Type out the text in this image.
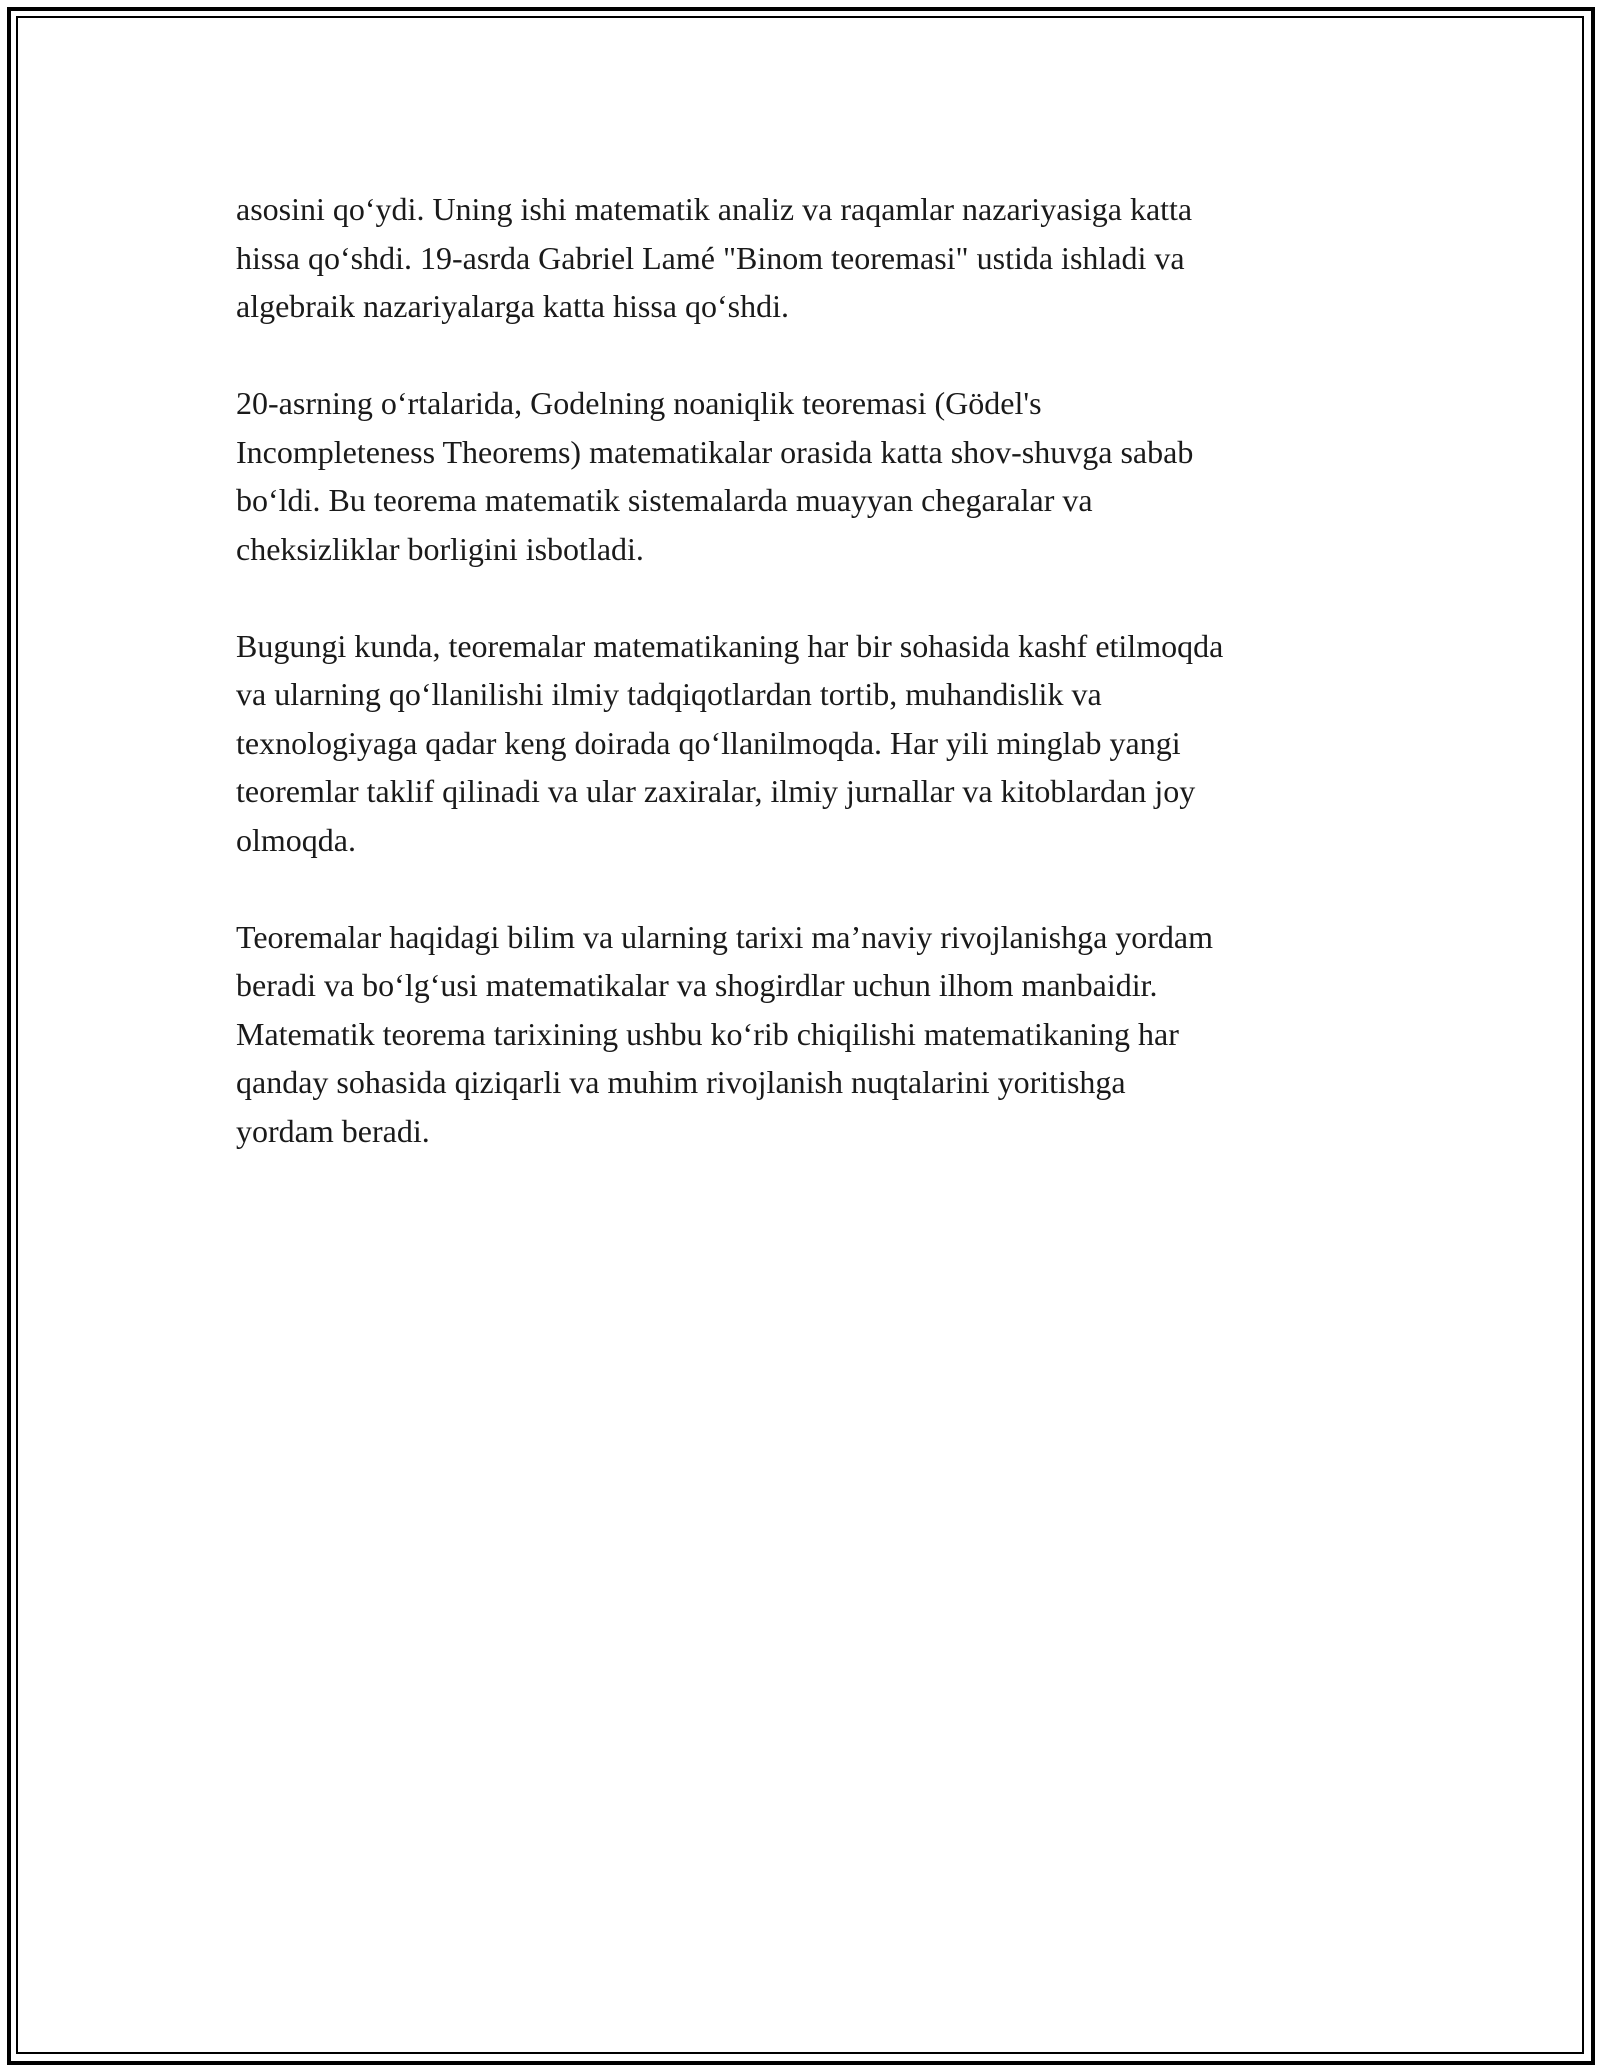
asosini qo‘ydi. Uning ishi matematik analiz va raqamlar nazariyasiga katta
hissa qo‘shdi. 19-asrda Gabriel Lamé "Binom teoremasi" ustida ishladi va
algebraik nazariyalarga katta hissa qo‘shdi.

20-asrning o‘rtalarida, Godelning noaniqlik teoremasi (Gödel's
Incompleteness Theorems) matematikalar orasida katta shov-shuvga sabab
bo‘ldi. Bu teorema matematik sistemalarda muayyan chegaralar va
cheksizliklar borligini isbotladi.

Bugungi kunda, teoremalar matematikaning har bir sohasida kashf etilmoqda
va ularning qo‘llanilishi ilmiy tadqiqotlardan tortib, muhandislik va
texnologiyaga qadar keng doirada qo‘llanilmoqda. Har yili minglab yangi
teoremlar taklif qilinadi va ular zaxiralar, ilmiy jurnallar va kitoblardan joy
olmoqda.

Teoremalar haqidagi bilim va ularning tarixi ma’naviy rivojlanishga yordam
beradi va bo‘lg‘usi matematikalar va shogirdlar uchun ilhom manbaidir.
Matematik teorema tarixining ushbu ko‘rib chiqilishi matematikaning har
qanday sohasida qiziqarli va muhim rivojlanish nuqtalarini yoritishga
yordam beradi.
